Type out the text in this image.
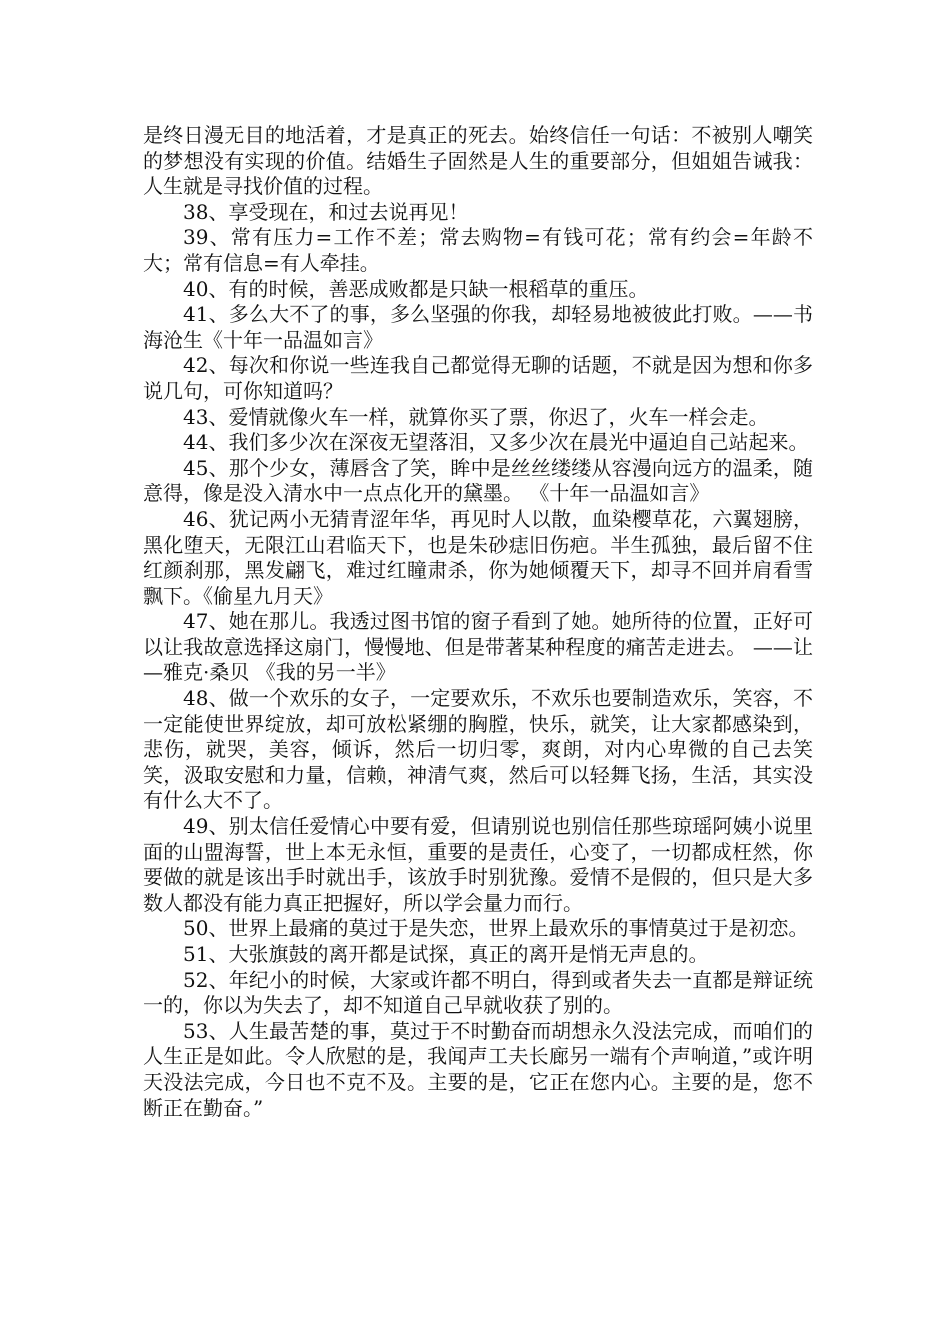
是终日漫无目的地活着，才是真正的死去。始终信任一句话：不被别人嘲笑的梦想没有实现的价值。结婚生子固然是人生的重要部分，但姐姐告诫我：人生就是寻找价值的过程。

38、享受现在，和过去说再见！

39、常有压力=工作不差；常去购物=有钱可花；常有约会=年龄不大；常有信息=有人牵挂。

40、有的时候，善恶成败都是只缺一根稻草的重压。

41、多么大不了的事，多么坚强的你我，却轻易地被彼此打败。——书海沧生《十年一品温如言》

42、每次和你说一些连我自己都觉得无聊的话题，不就是因为想和你多说几句，可你知道吗？

43、爱情就像火车一样，就算你买了票，你迟了，火车一样会走。

44、我们多少次在深夜无望落泪，又多少次在晨光中逼迫自己站起来。

45、那个少女，薄唇含了笑，眸中是丝丝缕缕从容漫向远方的温柔，随意得，像是没入清水中一点点化开的黛墨。 《十年一品温如言》

46、犹记两小无猜青涩年华，再见时人以散，血染樱草花，六翼翅膀，黑化堕天，无限江山君临天下，也是朱砂痣旧伤疤。半生孤独，最后留不住红颜刹那，黑发翩飞，难过红瞳肃杀，你为她倾覆天下，却寻不回并肩看雪飘下。《偷星九月天》

47、她在那儿。我透过图书馆的窗子看到了她。她所待的位置，正好可以让我故意选择这扇门，慢慢地、但是带著某种程度的痛苦走进去。 ——让—雅克·桑贝 《我的另一半》

48、做一个欢乐的女子，一定要欢乐，不欢乐也要制造欢乐，笑容，不一定能使世界绽放，却可放松紧绷的胸膛，快乐，就笑，让大家都感染到，悲伤，就哭，美容，倾诉，然后一切归零，爽朗，对内心卑微的自己去笑笑，汲取安慰和力量，信赖，神清气爽，然后可以轻舞飞扬，生活，其实没有什么大不了。

49、别太信任爱情心中要有爱，但请别说也别信任那些琼瑶阿姨小说里面的山盟海誓，世上本无永恒，重要的是责任，心变了，一切都成枉然，你要做的就是该出手时就出手，该放手时别犹豫。爱情不是假的，但只是大多数人都没有能力真正把握好，所以学会量力而行。

50、世界上最痛的莫过于是失恋，世界上最欢乐的事情莫过于是初恋。

51、大张旗鼓的离开都是试探，真正的离开是悄无声息的。

52、年纪小的时候，大家或许都不明白，得到或者失去一直都是辩证统一的，你以为失去了，却不知道自己早就收获了别的。

53、人生最苦楚的事，莫过于不时勤奋而胡想永久没法完成，而咱们的人生正是如此。令人欣慰的是，我闻声工夫长廊另一端有个声响道，”或许明天没法完成，今日也不克不及。主要的是，它正在您内心。主要的是，您不断正在勤奋。”
